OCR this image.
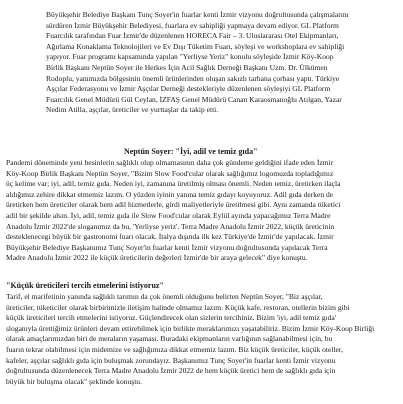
Büyükşehir Belediye Başkanı Tunç Soyer'in fuarlar kenti İzmir vizyonu doğrultusunda çalışmalarını
sürdüren İzmir Büyükşehir Belediyesi, fuarlara ev sahipliği yapmaya devam ediyor. GL Platform
Fuarcılık tarafından Fuar İzmir'de düzenlenen HORECA Fair – 3. Uluslararası Otel Ekipmanları,
Ağırlama Konaklama Teknolojileri ve Ev Dışı Tüketim Fuarı, söyleşi ve workshoplara ev sahipliği
yapıyor. Fuar programı kapsamında yapılan "Yerliyse Yeriz" konulu söyleşide İzmir Köy-Koop
Birlik Başkanı Neptün Soyer ile Herkes İçin Acil Sağlık Derneği Başkanı Uzm. Dr. Ülkümen
Rodoplu, yanımızda bölgesinin önemli ürünlerinden oluşan sakızlı tarhana çorbası yaptı. Türkiye
Aşçılar Federasyonu ve İzmir Aşçılar Derneği destekleriyle düzenlenen söyleşiyi GL Platform
Fuarcılık Genel Müdürü Gül Ceylan, İZFAŞ Genel Müdürü Canan Karaosmanoğlu Atılgan, Yazar
Nedim Atilla, aşçılar, üreticiler ve yurttaşlar da takip etti.
Neptün Soyer: "İyi, adil ve temiz gıda"
Pandemi döneminde yeni besinlerin sağlıklı olup olmamasının daha çok gündeme geldiğini ifade eden İzmir
Köy-Koop Birlik Başkanı Neptün Soyer, "Bizim Slow Food'cular olarak sağlığımız logomuzda topladığımız
üç kelime var; iyi, adil, temiz gıda. Neden iyi, zamanına üretilmiş olması önemli. Neden temiz, üretirken ilaçla
aldığımız zehire dikkat etmemiz lazım. O yüzden iyinin yanına temiz gıdayı koyuyoruz. Adil gıda derken de
üretirken hem üreticiler olarak hem adil hizmetlerle, girdi maliyetleriyle üretilmesi gibi. Aynı zamanda tüketici
adil bir şekilde alsın. İyi, adil, temiz gıda ile Slow Food'cular olarak Eylül ayında yapacağımız Terra Madre
Anadolu İzmir 2022'de sloganımız da bu, 'Yerliyse yeriz'. Terra Madre Anadolu İzmir 2022, küçük üreticinin
desteklenecegi büyük bir gastronomi fuarı olacak. İtalya dışında ilk kez Türkiye'de İzmir'de yapılacak. İzmir
Büyükşehir Belediye Başkanımız Tunç Soyer'in fuarlar kenti İzmir vizyonu doğrultusunda yapılacak Terra
Madre Anadolu İzmir 2022 ile küçük üreticilerin değerleri İzmir'de bir araya gelecek" diye konuştu.
"Küçük üreticileri tercih etmelerini istiyoruz"
Tarif, el marifetinin yanında sağlıklı tarımın da çok önemli olduğunu belirten Neptün Soyer, "Biz aşçılar,
üreticiler, tüketiciler olarak birbirimizle iletişim halinde olmamız lazım. Küçük kafe, restoran, otellerin bizim gibi
küçük üreticileri tercih etmelerini istiyoruz. Güçlendirecek olan sizlerin tercihiniz. Bizim 'iyi, adil temiz gıda'
sloganıyla ürettiğimiz ürünleri devam ettirebilmek için birlikte meraklarımızı yaşatabiliriz. Bizim İzmir Köy-Koop Birliği
olarak amaçlarımızdan biri de meraların yaşaması. Buradaki ekipmanların varlığının sağlanabilmesi için, bu
fuarın tekrar olabilmesi için midemize ve sağlığımıza dikkat etmemiz lazım. Biz küçük üreticiler, küçük oteller,
kafeler, aşçılar sağlıklı gıda için buluşmak zorundayız. Başkanımız Tunç Soyer'in fuarlar kenti İzmir vizyonu
doğrultusunda düzenlenecek Terra Madre Anadolu İzmir 2022 de hem küçük üretici hem de sağlıklı gıda için
büyük bir buluşma olacak" şeklinde konuştu.
